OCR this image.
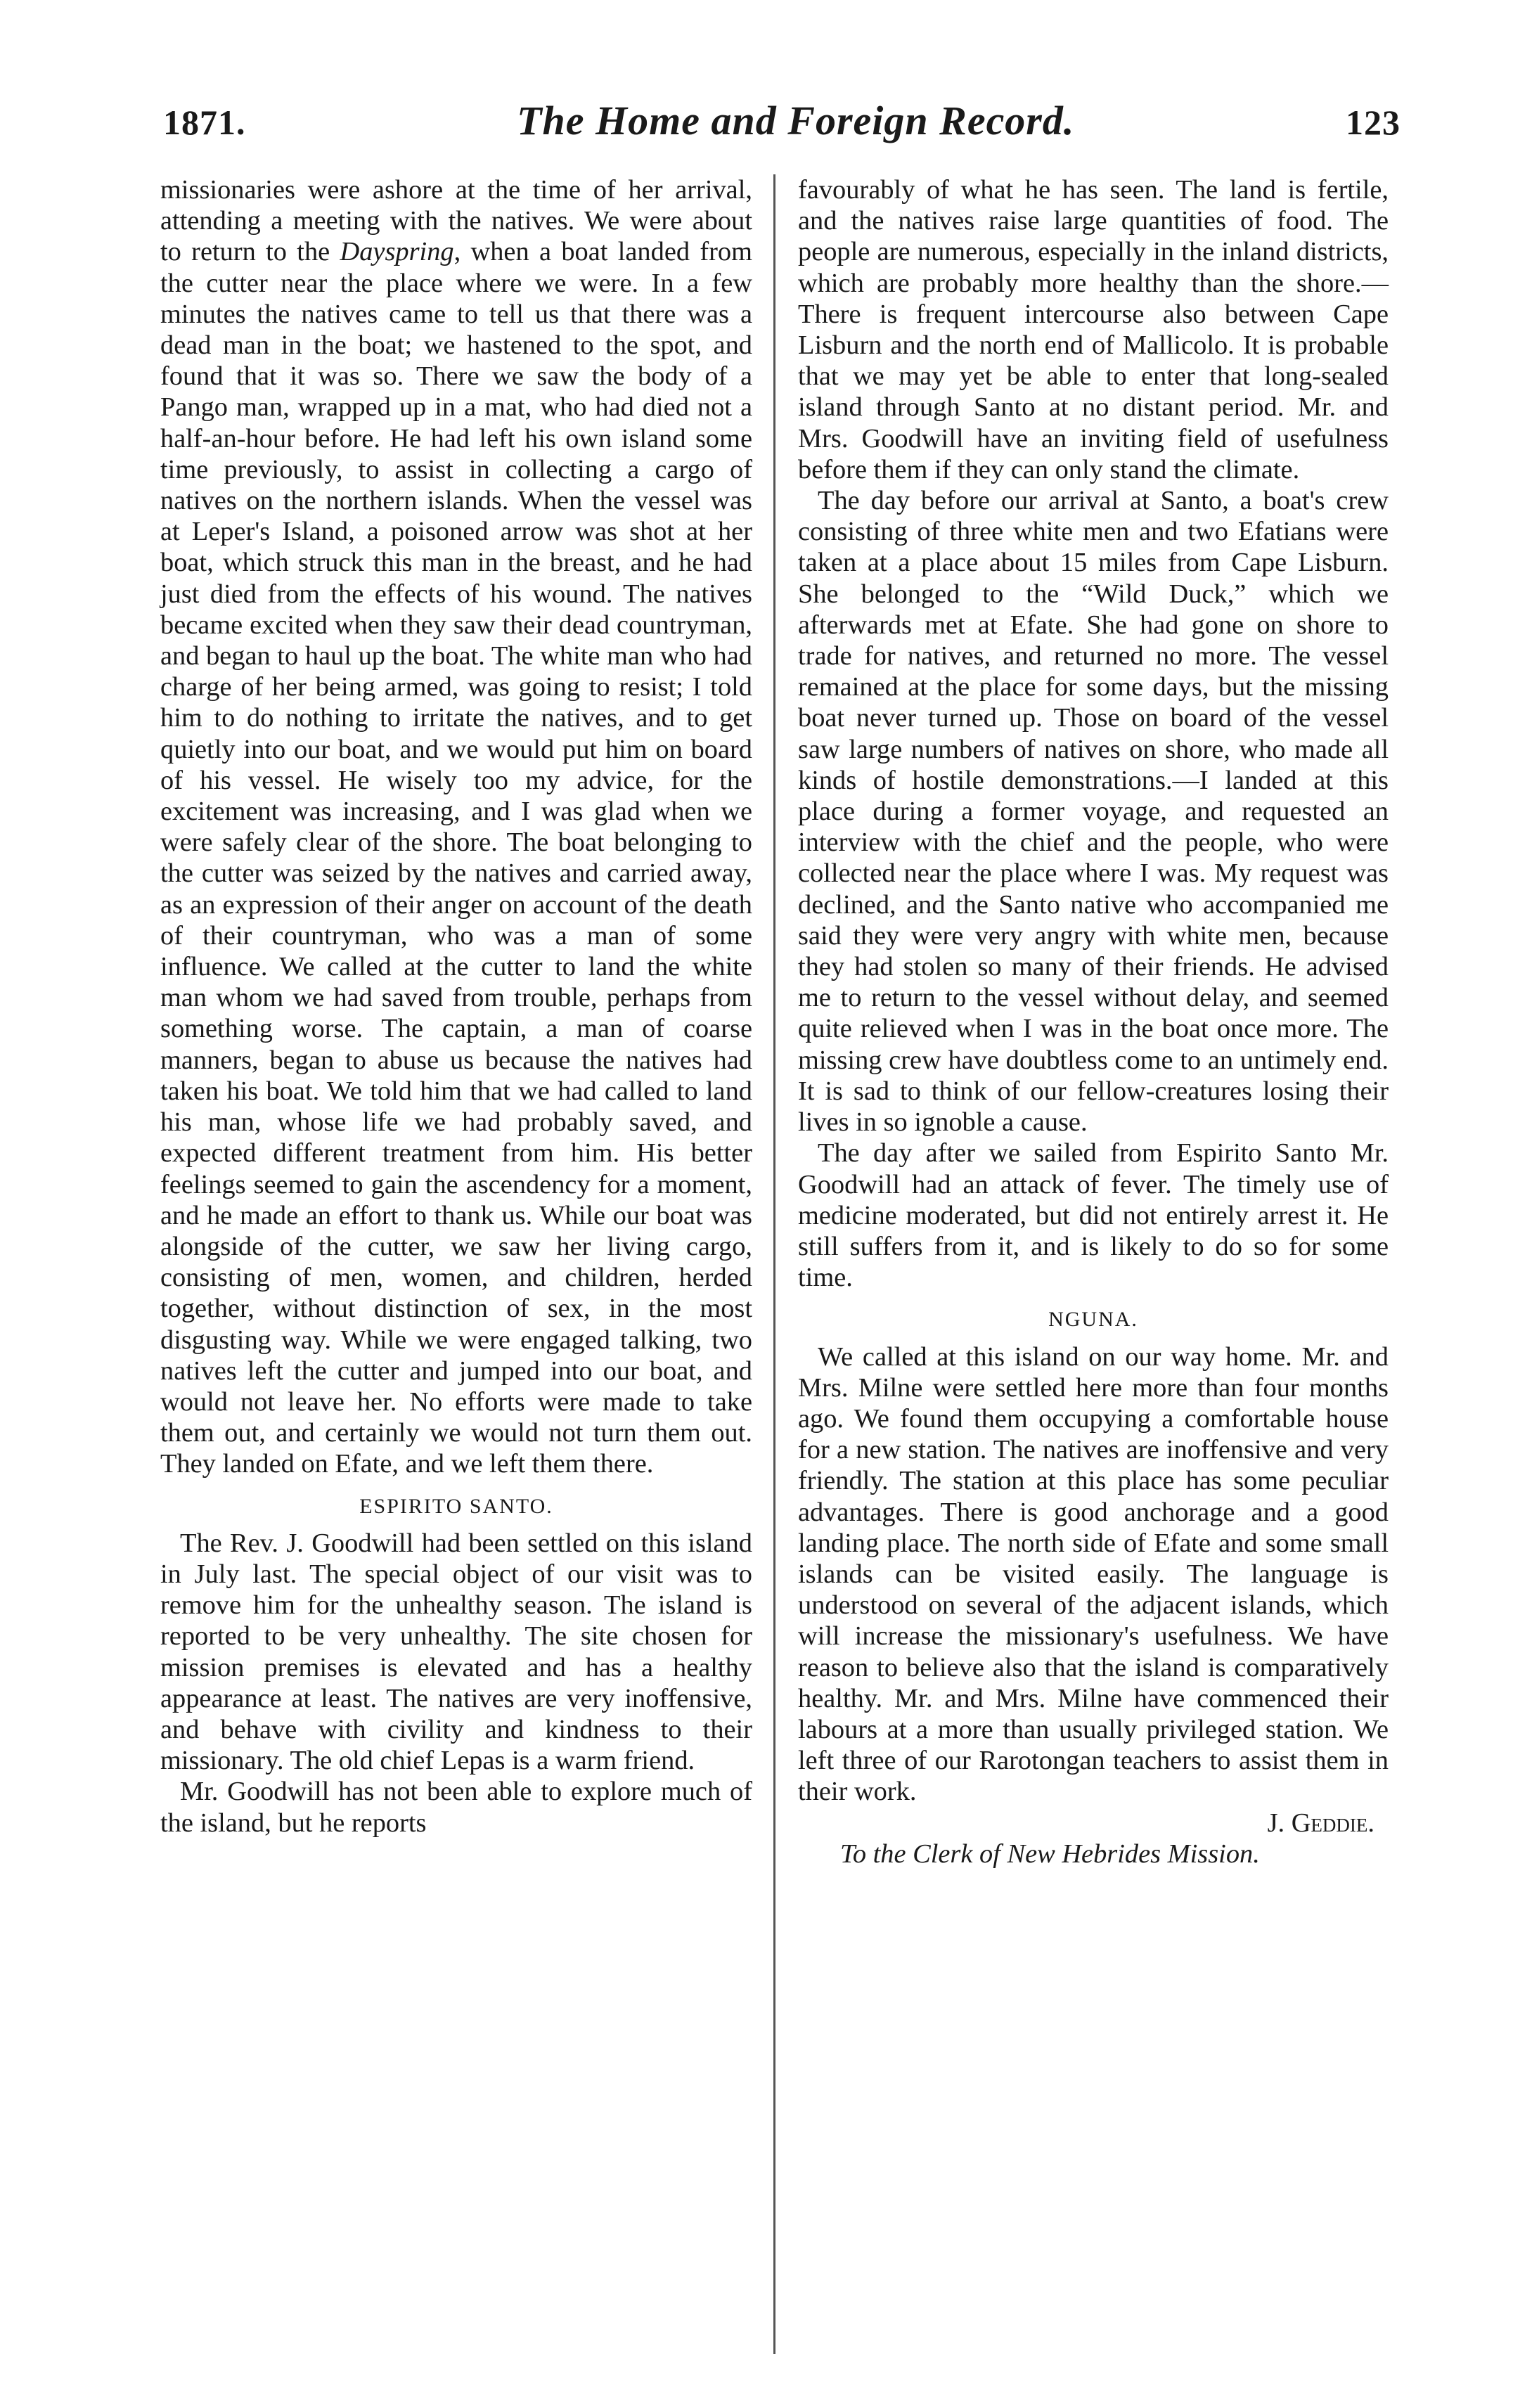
1871.	The Home and Foreign Record.	123

missionaries were ashore at the time of her arrival, attending a meeting with the natives. We were about to return to the Dayspring, when a boat landed from the cutter near the place where we were. In a few minutes the natives came to tell us that there was a dead man in the boat; we hastened to the spot, and found that it was so. There we saw the body of a Pango man, wrapped up in a mat, who had died not a half-an-hour before. He had left his own island some time previously, to assist in collecting a cargo of natives on the northern islands. When the vessel was at Leper's Island, a poisoned arrow was shot at her boat, which struck this man in the breast, and he had just died from the effects of his wound. The natives became excited when they saw their dead countryman, and began to haul up the boat. The white man who had charge of her being armed, was going to resist; I told him to do nothing to irritate the natives, and to get quietly into our boat, and we would put him on board of his vessel. He wisely too my advice, for the excitement was increasing, and I was glad when we were safely clear of the shore. The boat belonging to the cutter was seized by the natives and carried away, as an expression of their anger on account of the death of their countryman, who was a man of some influence. We called at the cutter to land the white man whom we had saved from trouble, perhaps from something worse. The captain, a man of coarse manners, began to abuse us because the natives had taken his boat. We told him that we had called to land his man, whose life we had probably saved, and expected different treatment from him. His better feelings seemed to gain the ascendency for a moment, and he made an effort to thank us. While our boat was alongside of the cutter, we saw her living cargo, consisting of men, women, and children, herded together, without distinction of sex, in the most disgusting way. While we were engaged talking, two natives left the cutter and jumped into our boat, and would not leave her. No efforts were made to take them out, and certainly we would not turn them out. They landed on Efate, and we left them there.

ESPIRITO SANTO.

The Rev. J. Goodwill had been settled on this island in July last. The special object of our visit was to remove him for the unhealthy season. The island is reported to be very unhealthy. The site chosen for mission premises is elevated and has a healthy appearance at least. The natives are very inoffensive, and behave with civility and kindness to their missionary. The old chief Lepas is a warm friend.

Mr. Goodwill has not been able to explore much of the island, but he reports

favourably of what he has seen. The land is fertile, and the natives raise large quantities of food. The people are numerous, especially in the inland districts, which are probably more healthy than the shore.—There is frequent intercourse also between Cape Lisburn and the north end of Mallicolo. It is probable that we may yet be able to enter that long-sealed island through Santo at no distant period. Mr. and Mrs. Goodwill have an inviting field of usefulness before them if they can only stand the climate.

The day before our arrival at Santo, a boat's crew consisting of three white men and two Efatians were taken at a place about 15 miles from Cape Lisburn. She belonged to the “Wild Duck,” which we afterwards met at Efate. She had gone on shore to trade for natives, and returned no more. The vessel remained at the place for some days, but the missing boat never turned up. Those on board of the vessel saw large numbers of natives on shore, who made all kinds of hostile demonstrations.—I landed at this place during a former voyage, and requested an interview with the chief and the people, who were collected near the place where I was. My request was declined, and the Santo native who accompanied me said they were very angry with white men, because they had stolen so many of their friends. He advised me to return to the vessel without delay, and seemed quite relieved when I was in the boat once more. The missing crew have doubtless come to an untimely end. It is sad to think of our fellow-creatures losing their lives in so ignoble a cause.

The day after we sailed from Espirito Santo Mr. Goodwill had an attack of fever. The timely use of medicine moderated, but did not entirely arrest it. He still suffers from it, and is likely to do so for some time.

NGUNA.

We called at this island on our way home. Mr. and Mrs. Milne were settled here more than four months ago. We found them occupying a comfortable house for a new station. The natives are inoffensive and very friendly. The station at this place has some peculiar advantages. There is good anchorage and a good landing place. The north side of Efate and some small islands can be visited easily. The language is understood on several of the adjacent islands, which will increase the missionary's usefulness. We have reason to believe also that the island is comparatively healthy. Mr. and Mrs. Milne have commenced their labours at a more than usually privileged station. We left three of our Rarotongan teachers to assist them in their work.

J. Geddie.

To the Clerk of New Hebrides Mission.
